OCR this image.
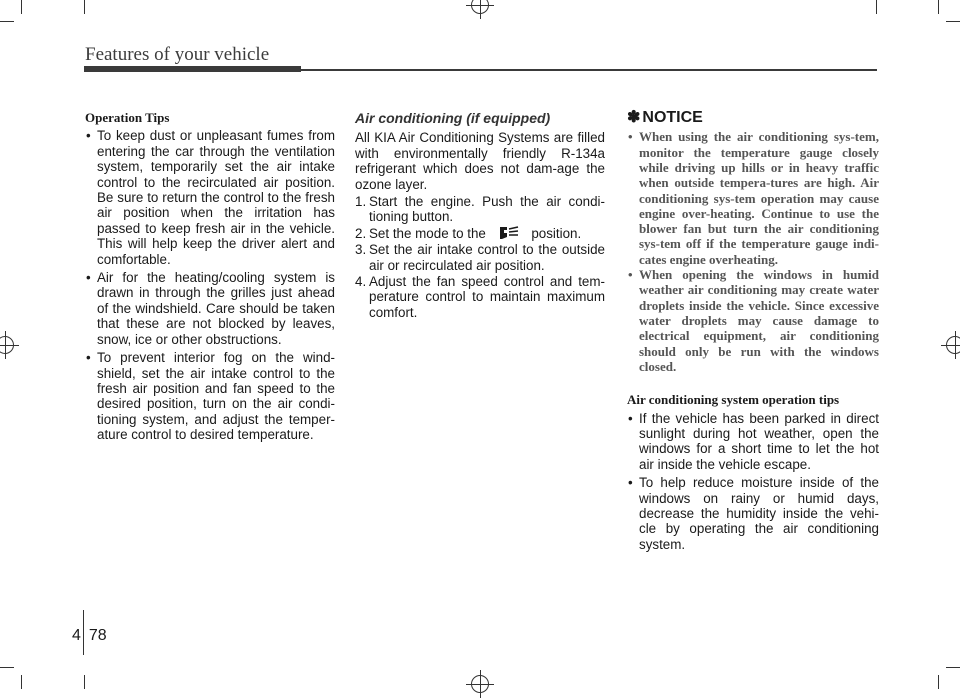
Features of your vehicle
Operation Tips
• To keep dust or unpleasant fumes from entering the car through the ventilation system, temporarily set the air intake control to the recirculated air position. Be sure to return the control to the fresh air position when the irritation has passed to keep fresh air in the vehicle. This will help keep the driver alert and comfortable.
• Air for the heating/cooling system is drawn in through the grilles just ahead of the windshield. Care should be taken that these are not blocked by leaves, snow, ice or other obstructions.
• To prevent interior fog on the wind-shield, set the air intake control to the fresh air position and fan speed to the desired position, turn on the air condi-tioning system, and adjust the temper-ature control to desired temperature.
Air conditioning (if equipped)

All KIA Air Conditioning Systems are filled with environmentally friendly R-134a refrigerant which does not dam-age the ozone layer.

1. Start the engine. Push the air condi-tioning button.
2. Set the mode to the	position.
3. Set the air intake control to the outside air or recirculated air position.
4. Adjust the fan speed control and tem-perature control to maintain maximum comfort.
✽ NOTICE
• When using the air conditioning sys-tem, monitor the temperature gauge closely while driving up hills or in heavy traffic when outside tempera-tures are high. Air conditioning sys-tem operation may cause engine over-heating. Continue to use the blower fan but turn the air conditioning sys-tem off if the temperature gauge indi-cates engine overheating.
• When opening the windows in humid weather air conditioning may create water droplets inside the vehicle. Since excessive water droplets may cause damage to electrical equipment, air conditioning should only be run with the windows closed.
Air conditioning system operation tips
• If the vehicle has been parked in direct sunlight during hot weather, open the windows for a short time to let the hot air inside the vehicle escape.
• To help reduce moisture inside of the windows on rainy or humid days, decrease the humidity inside the vehi-cle by operating the air conditioning system.
4 78
